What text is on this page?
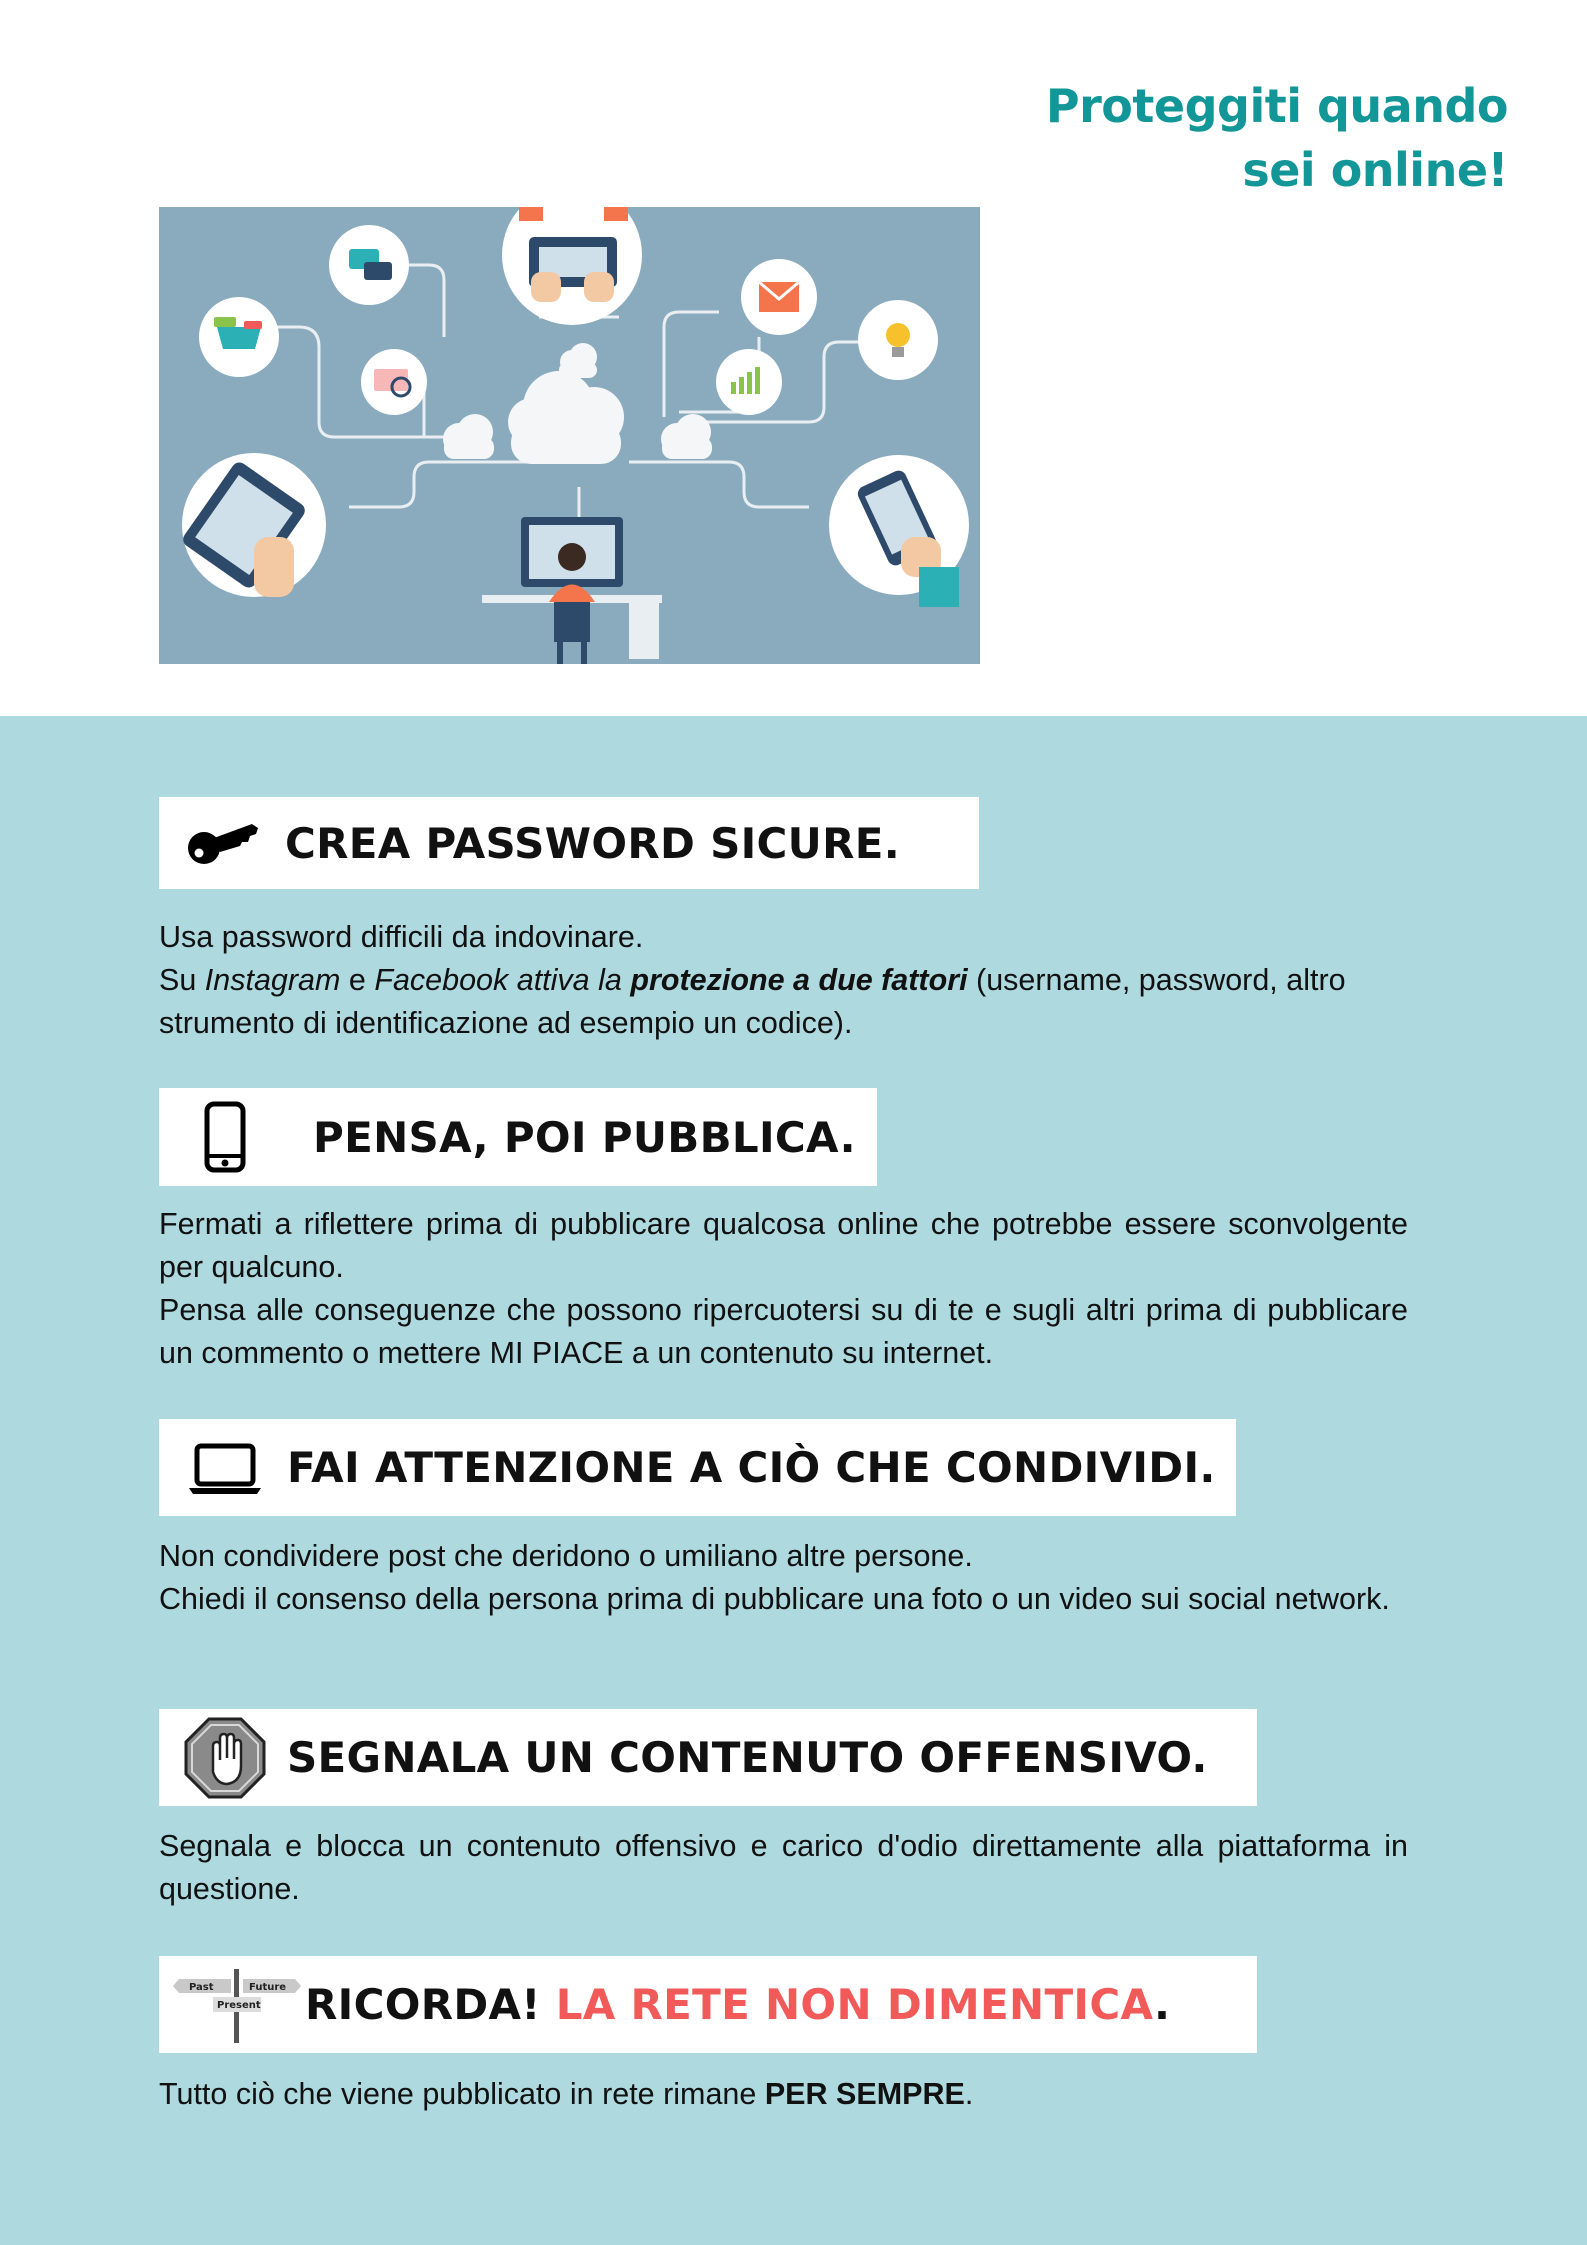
Proteggiti quando
sei online!
CREA PASSWORD SICURE.

Usa password difficili da indovinare.

Su Instagram e Facebook attiva la protezione a due fattori (username, password, altro strumento di identificazione ad esempio un codice).

PENSA, POI PUBBLICA.

Fermati a riflettere prima di pubblicare qualcosa online che potrebbe essere sconvolgente per qualcuno.

Pensa alle conseguenze che possono ripercuotersi su di te e sugli altri prima di pubblicare un commento o mettere MI PIACE a un contenuto su internet.

FAI ATTENZIONE A CIÒ CHE CONDIVIDI.

Non condividere post che deridono o umiliano altre persone.

Chiedi il consenso della persona prima di pubblicare una foto o un video sui social network.

SEGNALA UN CONTENUTO OFFENSIVO.

Segnala e blocca un contenuto offensivo e carico d'odio direttamente alla piattaforma in questione.

Past	Future
Present RICORDA! LA RETE NON DIMENTICA.

Tutto ciò che viene pubblicato in rete rimane PER SEMPRE.
